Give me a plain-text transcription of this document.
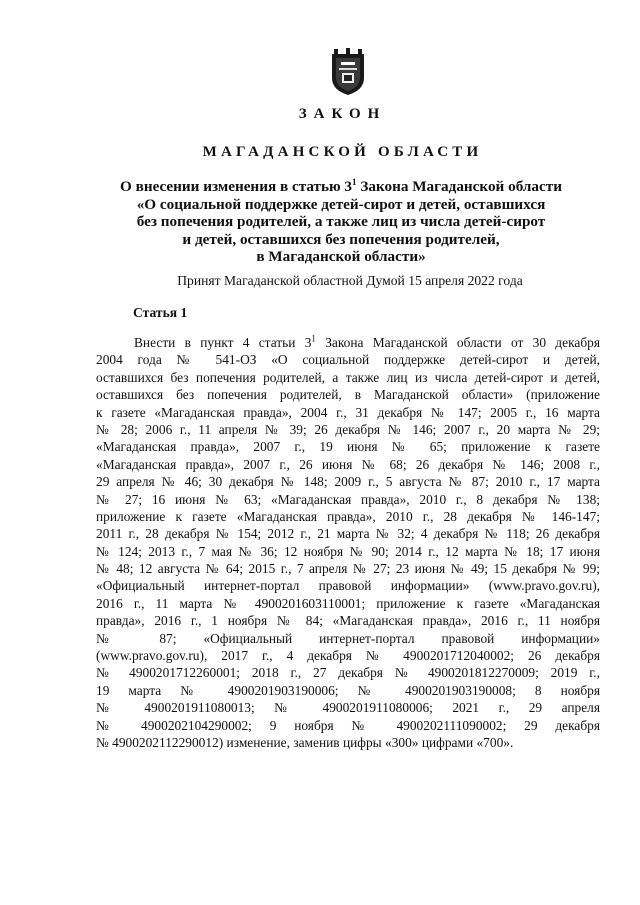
ЗАКОН
МАГАДАНСКОЙ ОБЛАСТИ
О внесении изменения в статью $3^1$ Закона Магаданской области
«О социальной поддержке детей-сирот и детей, оставшихся
без попечения родителей, а также лиц из числа детей-сирот
и детей, оставшихся без попечения родителей,
в Магаданской области»
Принят Магаданской областной Думой 15 апреля 2022 года
Статья 1
Внести в пункт 4 статьи $3^1$ Закона Магаданской области от 30 декабря
2004 года № 541-ОЗ «О социальной поддержке детей-сирот и детей,
оставшихся без попечения родителей, а также лиц из числа детей-сирот и детей,
оставшихся без попечения родителей, в Магаданской области» (приложение
к газете «Магаданская правда», 2004 г., 31 декабря № 147; 2005 г., 16 марта
№ 28; 2006 г., 11 апреля № 39; 26 декабря № 146; 2007 г., 20 марта № 29;
«Магаданская правда», 2007 г., 19 июня № 65; приложение к газете
«Магаданская правда», 2007 г., 26 июня № 68; 26 декабря № 146; 2008 г.,
29 апреля № 46; 30 декабря № 148; 2009 г., 5 августа № 87; 2010 г., 17 марта
№ 27; 16 июня № 63; «Магаданская правда», 2010 г., 8 декабря № 138;
приложение к газете «Магаданская правда», 2010 г., 28 декабря № 146-147;
2011 г., 28 декабря № 154; 2012 г., 21 марта № 32; 4 декабря № 118; 26 декабря
№ 124; 2013 г., 7 мая № 36; 12 ноября № 90; 2014 г., 12 марта № 18; 17 июня
№ 48; 12 августа № 64; 2015 г., 7 апреля № 27; 23 июня № 49; 15 декабря № 99;
«Официальный интернет-портал правовой информации» (www.pravo.gov.ru),
2016 г., 11 марта № 4900201603110001; приложение к газете «Магаданская
правда», 2016 г., 1 ноября № 84; «Магаданская правда», 2016 г., 11 ноября
№ 87; «Официальный интернет-портал правовой информации»
(www.pravo.gov.ru), 2017 г., 4 декабря № 4900201712040002; 26 декабря
№ 4900201712260001; 2018 г., 27 декабря № 4900201812270009; 2019 г.,
19 марта № 4900201903190006; № 4900201903190008; 8 ноября
№ 4900201911080013; № 4900201911080006; 2021 г., 29 апреля
№ 4900202104290002; 9 ноября № 4900202111090002; 29 декабря
№ 4900202112290012) изменение, заменив цифры «300» цифрами «700».
